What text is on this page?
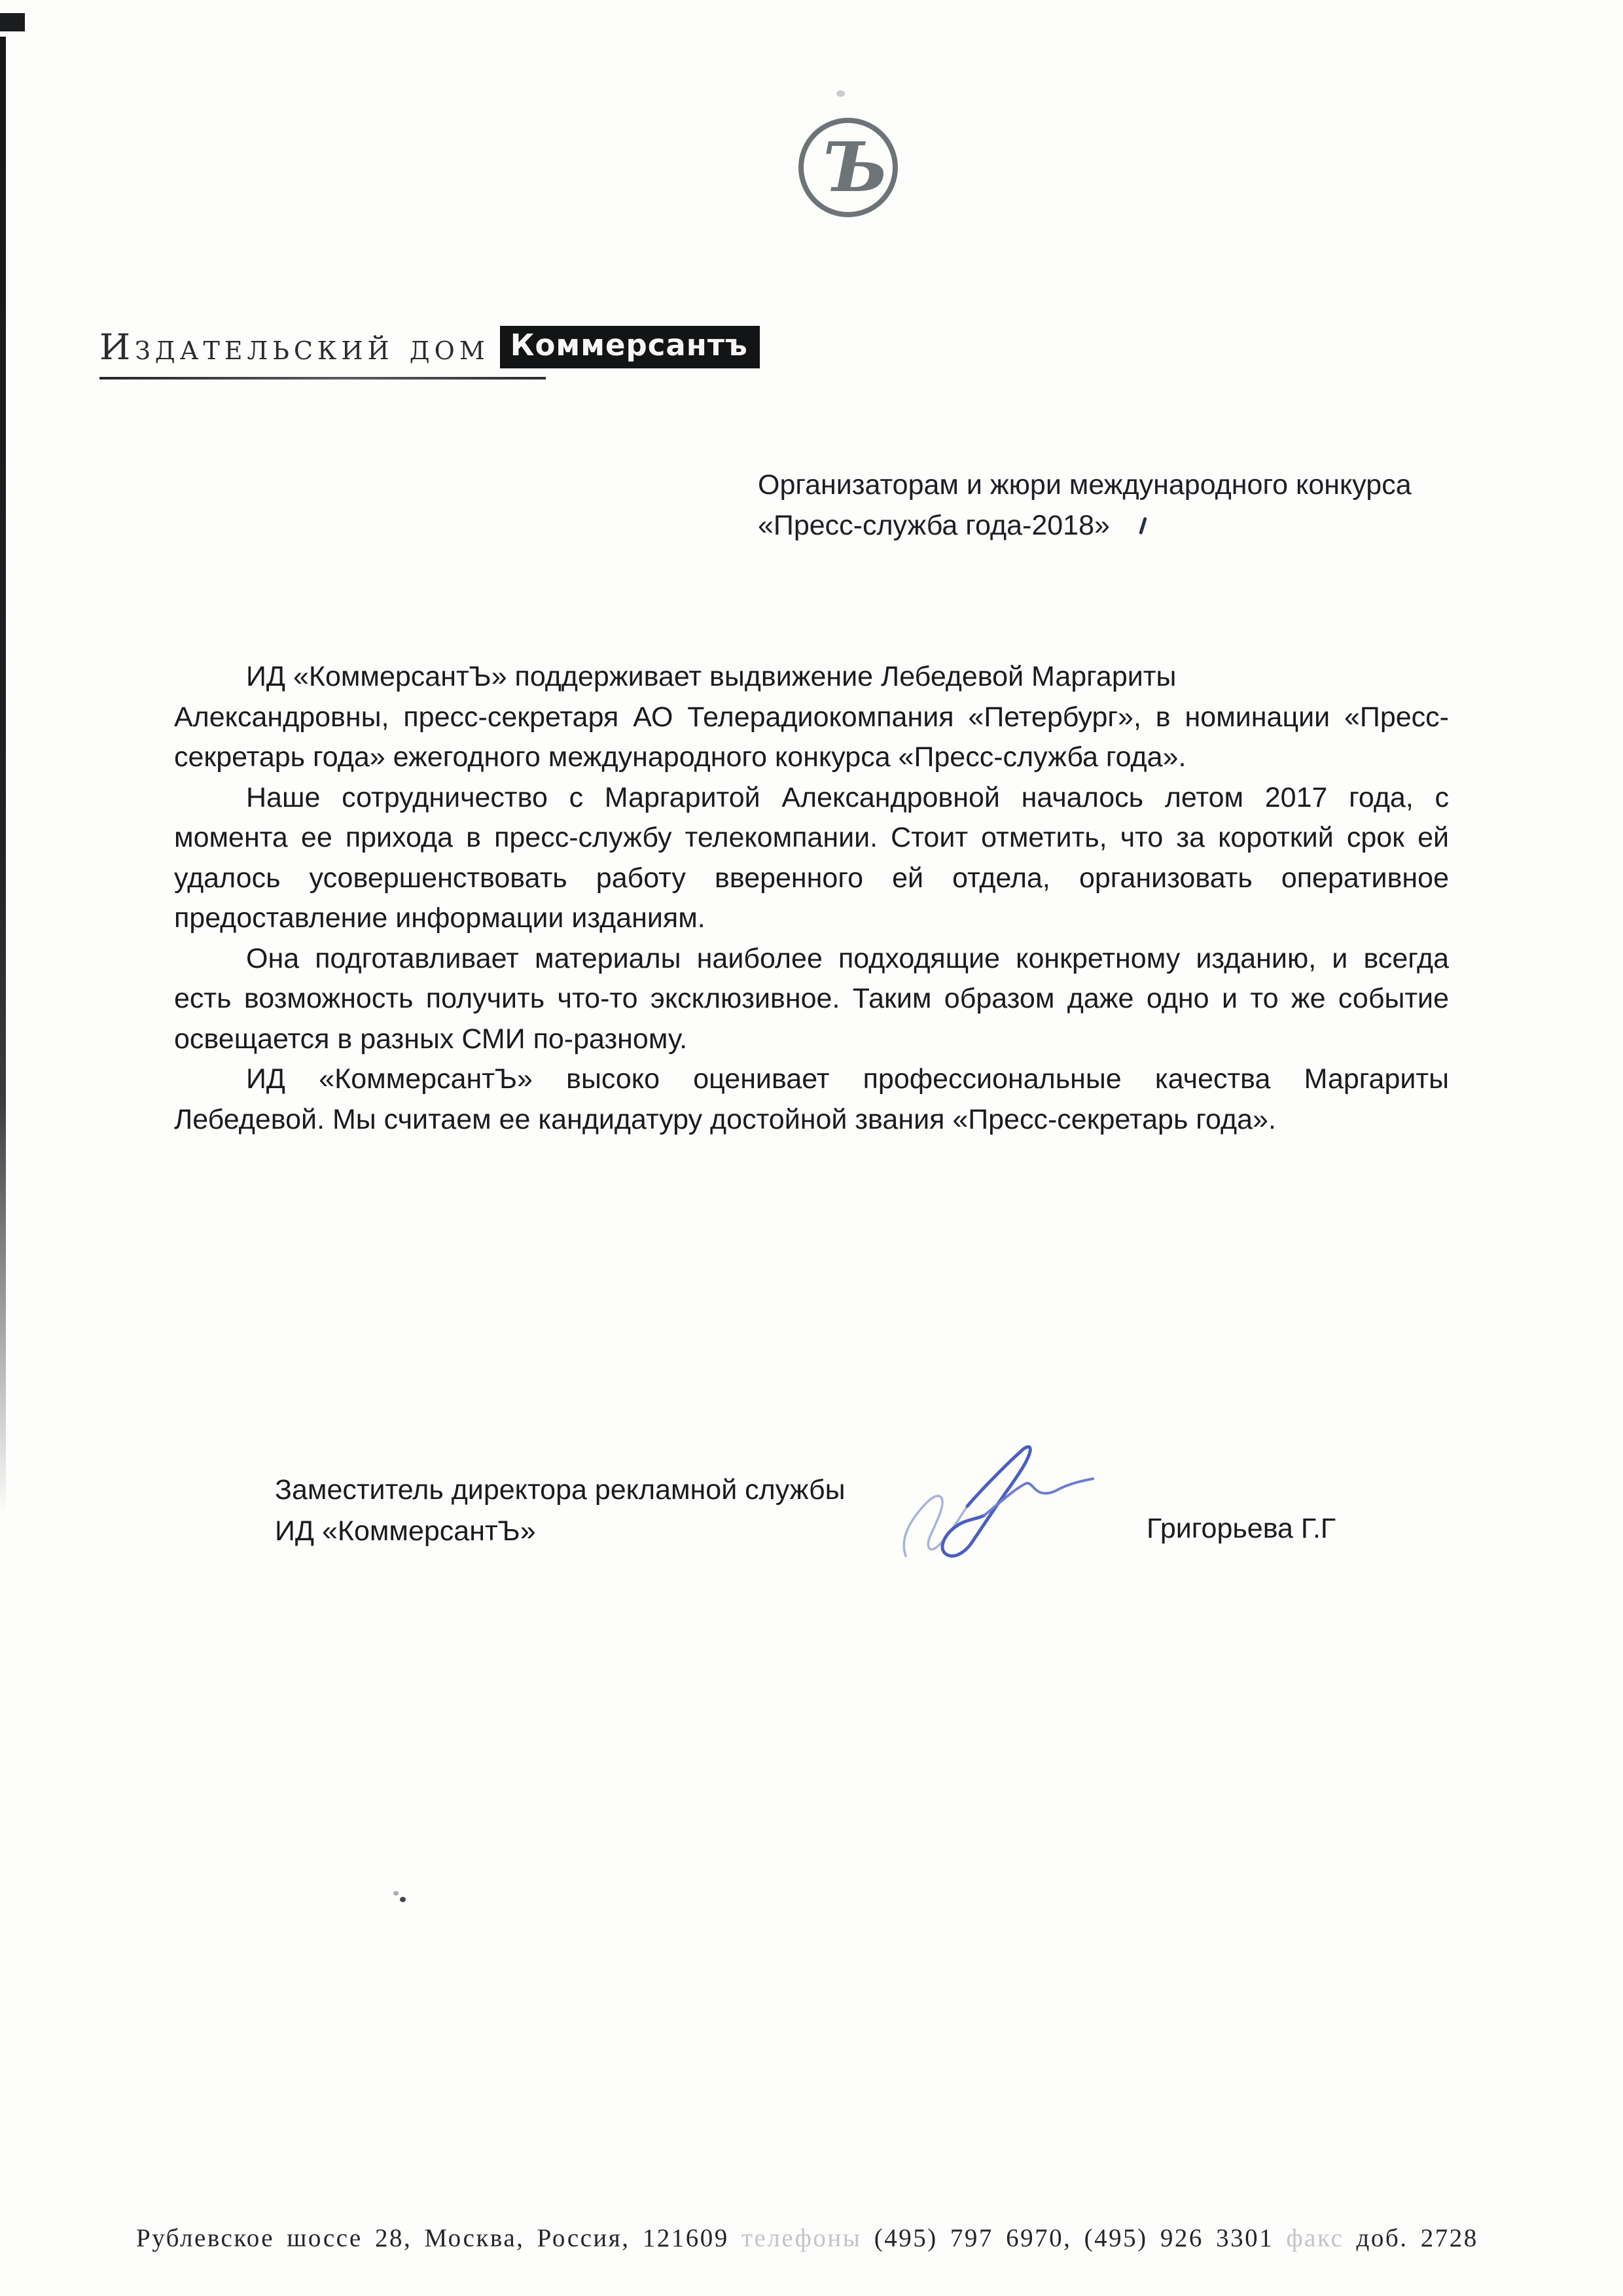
Ъ
Издательский дом Коммерсантъ
Организаторам и жюри международного конкурса
«Пресс-служба года-2018»
ИД «КоммерсантЪ» поддерживает выдвижение Лебедевой Маргариты
Александровны, пресс-секретаря АО Телерадиокомпания «Петербург», в номинации «Пресс-
секретарь года» ежегодного международного конкурса «Пресс-служба года».
Наше сотрудничество с Маргаритой Александровной началось летом 2017 года, с
момента ее прихода в пресс-службу телекомпании. Стоит отметить, что за короткий срок ей
удалось усовершенствовать работу вверенного ей отдела, организовать оперативное
предоставление информации изданиям.
Она подготавливает материалы наиболее подходящие конкретному изданию, и всегда
есть возможность получить что-то эксклюзивное. Таким образом даже одно и то же событие
освещается в разных СМИ по-разному.
ИД «КоммерсантЪ» высоко оценивает профессиональные качества Маргариты
Лебедевой. Мы считаем ее кандидатуру достойной звания «Пресс-секретарь года».
Заместитель директора рекламной службы
ИД «КоммерсантЪ»	Григорьева Г.Г
Рублевское шоссе 28, Москва, Россия, 121609 телефоны (495) 797 6970, (495) 926 3301 факс доб. 2728
